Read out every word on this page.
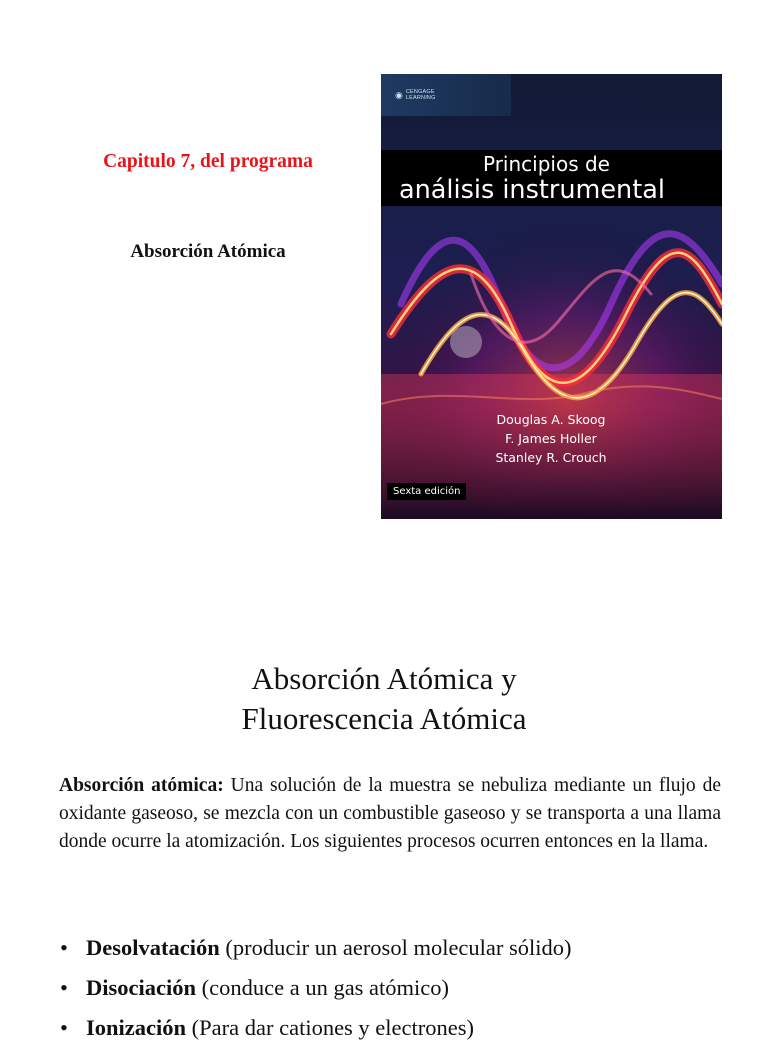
Capitulo 7, del programa
Absorción Atómica
◉ CENGAGE
LEARNING
Principios de
análisis instrumental
Douglas A. Skoog
F. James Holler
Stanley R. Crouch
Sexta edición
Absorción Atómica y
Fluorescencia Atómica

Absorción atómica: Una solución de la muestra se nebuliza mediante un flujo de oxidante gaseoso, se mezcla con un combustible gaseoso y se transporta a una llama donde ocurre la atomización. Los siguientes procesos ocurren entonces en la llama.

• Desolvatación (producir un aerosol molecular sólido)
• Disociación (conduce a un gas atómico)
• Ionización (Para dar cationes y electrones)
